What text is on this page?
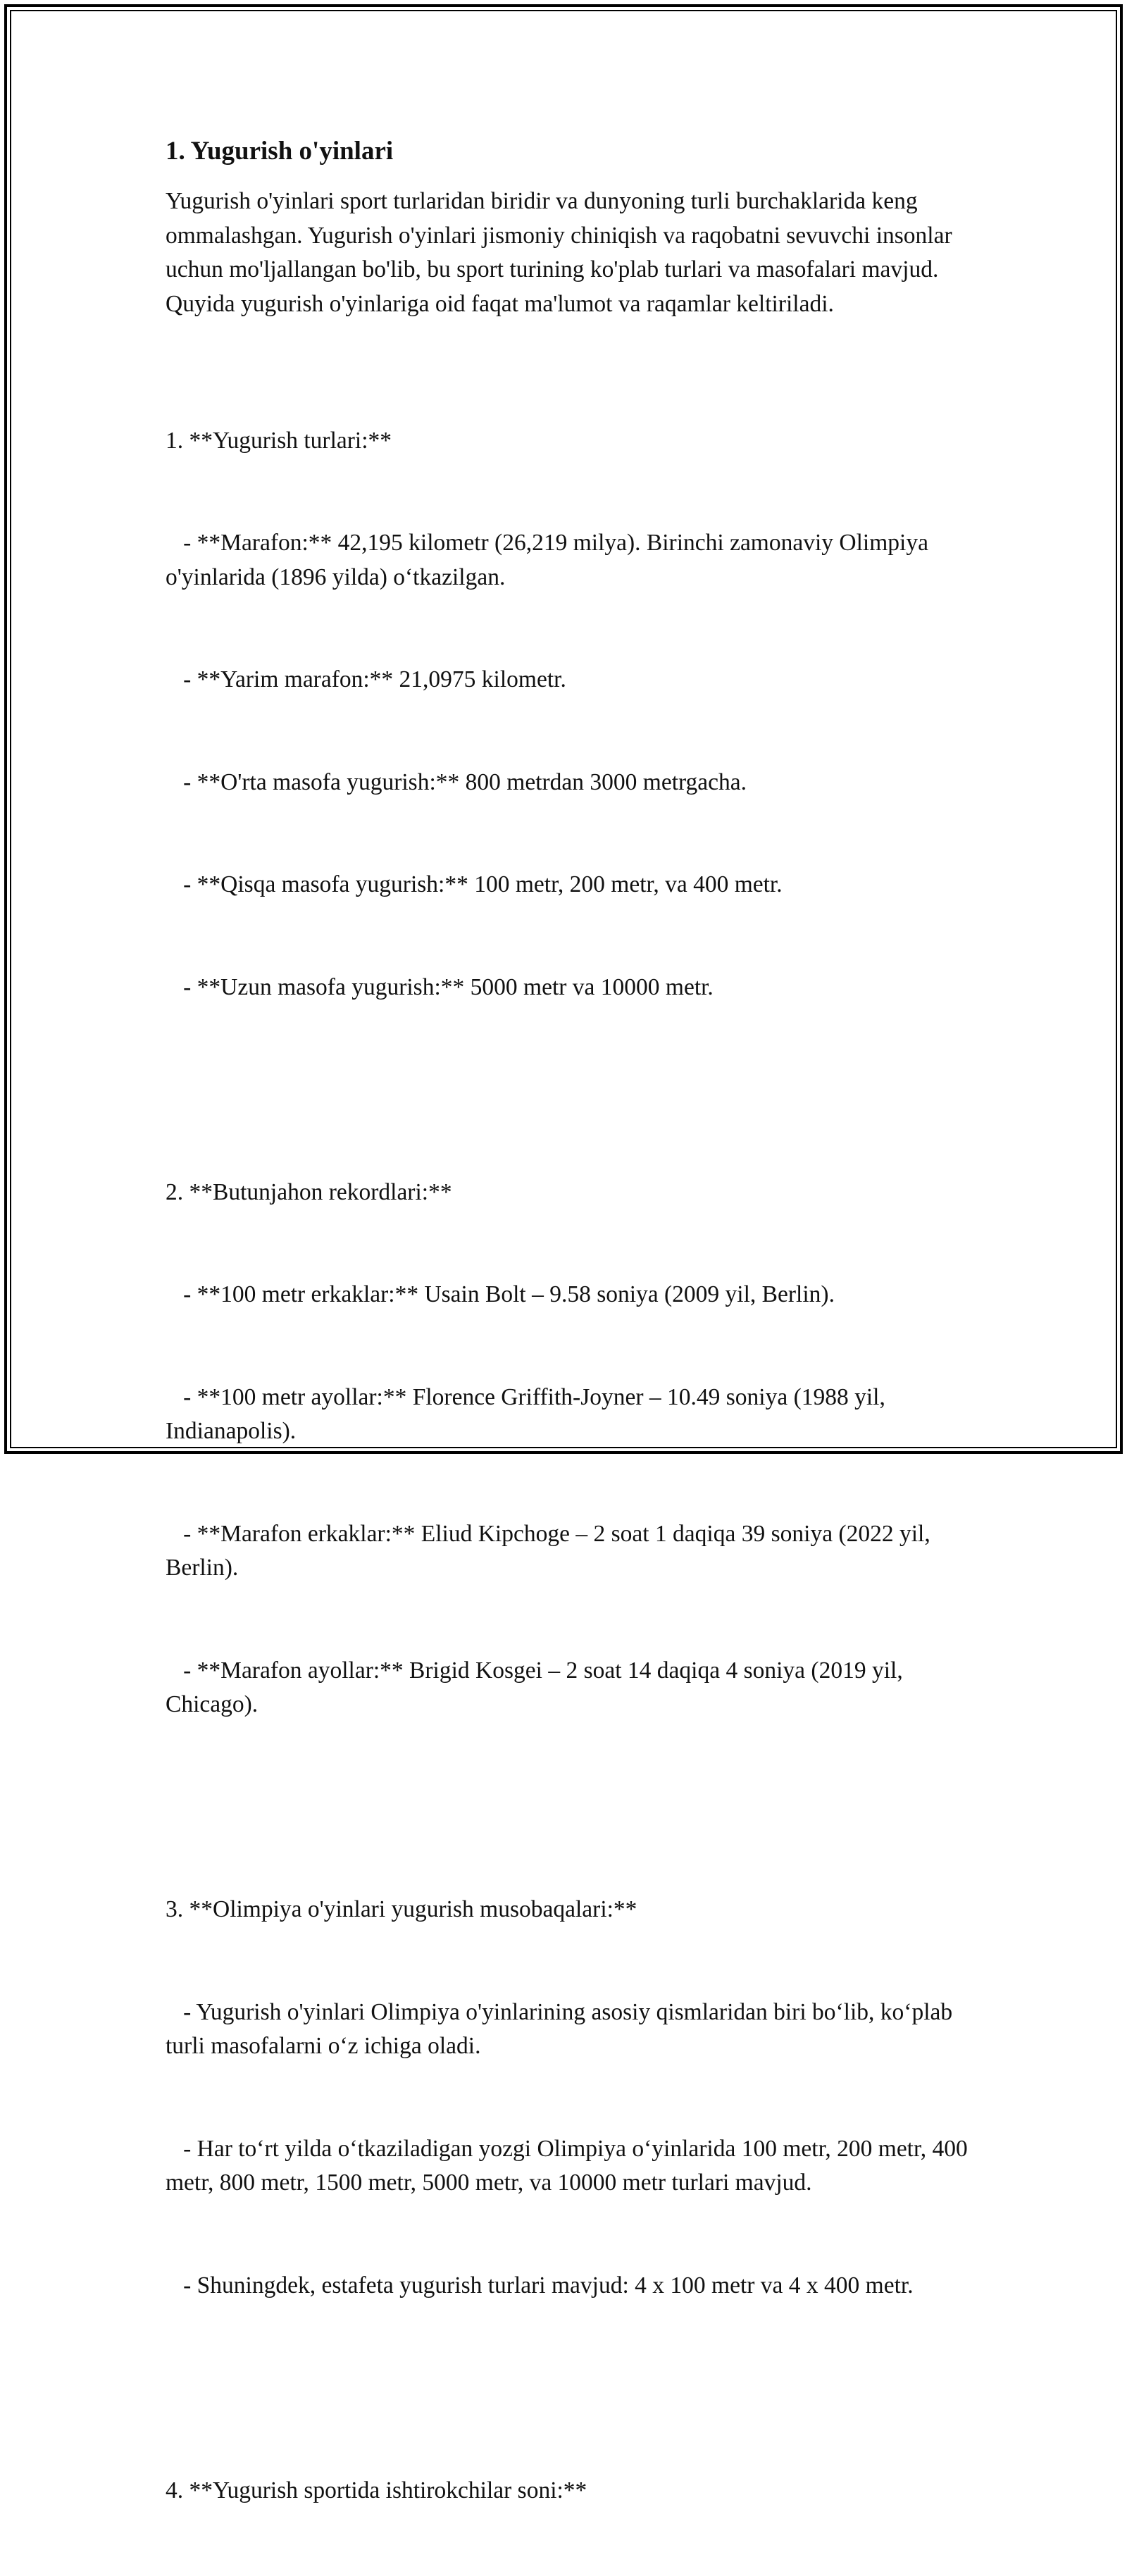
1. Yugurish o'yinlari

Yugurish o'yinlari sport turlaridan biridir va dunyoning turli burchaklarida keng ommalashgan. Yugurish o'yinlari jismoniy chiniqish va raqobatni sevuvchi insonlar uchun mo'ljallangan bo'lib, bu sport turining ko'plab turlari va masofalari mavjud. Quyida yugurish o'yinlariga oid faqat ma'lumot va raqamlar keltiriladi.

1. **Yugurish turlari:**

- **Marafon:** 42,195 kilometr (26,219 milya). Birinchi zamonaviy Olimpiya o'yinlarida (1896 yilda) o‘tkazilgan.

- **Yarim marafon:** 21,0975 kilometr.

- **O'rta masofa yugurish:** 800 metrdan 3000 metrgacha.

- **Qisqa masofa yugurish:** 100 metr, 200 metr, va 400 metr.

- **Uzun masofa yugurish:** 5000 metr va 10000 metr.

2. **Butunjahon rekordlari:**

- **100 metr erkaklar:** Usain Bolt – 9.58 soniya (2009 yil, Berlin).

- **100 metr ayollar:** Florence Griffith-Joyner – 10.49 soniya (1988 yil, Indianapolis).

- **Marafon erkaklar:** Eliud Kipchoge – 2 soat 1 daqiqa 39 soniya (2022 yil, Berlin).

- **Marafon ayollar:** Brigid Kosgei – 2 soat 14 daqiqa 4 soniya (2019 yil, Chicago).

3. **Olimpiya o'yinlari yugurish musobaqalari:**

- Yugurish o'yinlari Olimpiya o'yinlarining asosiy qismlaridan biri bo‘lib, ko‘plab turli masofalarni o‘z ichiga oladi.

- Har to‘rt yilda o‘tkaziladigan yozgi Olimpiya o‘yinlarida 100 metr, 200 metr, 400 metr, 800 metr, 1500 metr, 5000 metr, va 10000 metr turlari mavjud.

- Shuningdek, estafeta yugurish turlari mavjud: 4 x 100 metr va 4 x 400 metr.

4. **Yugurish sportida ishtirokchilar soni:**
